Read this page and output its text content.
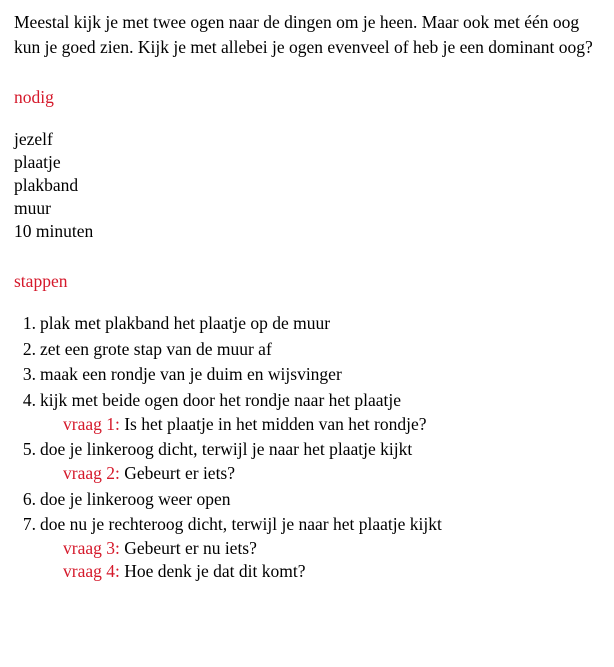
Meestal kijk je met twee ogen naar de dingen om je heen. Maar ook met één oog kun je goed zien. Kijk je met allebei je ogen evenveel of heb je een dominant oog?

nodig
jezelf
plaatje
plakband
muur
10 minuten
stappen
1. plak met plakband het plaatje op de muur
2. zet een grote stap van de muur af
3. maak een rondje van je duim en wijsvinger
4. kijk met beide ogen door het rondje naar het plaatje
vraag 1: Is het plaatje in het midden van het rondje?
5. doe je linkeroog dicht, terwijl je naar het plaatje kijkt
vraag 2: Gebeurt er iets?
6. doe je linkeroog weer open
7. doe nu je rechteroog dicht, terwijl je naar het plaatje kijkt
vraag 3: Gebeurt er nu iets?
vraag 4: Hoe denk je dat dit komt?
